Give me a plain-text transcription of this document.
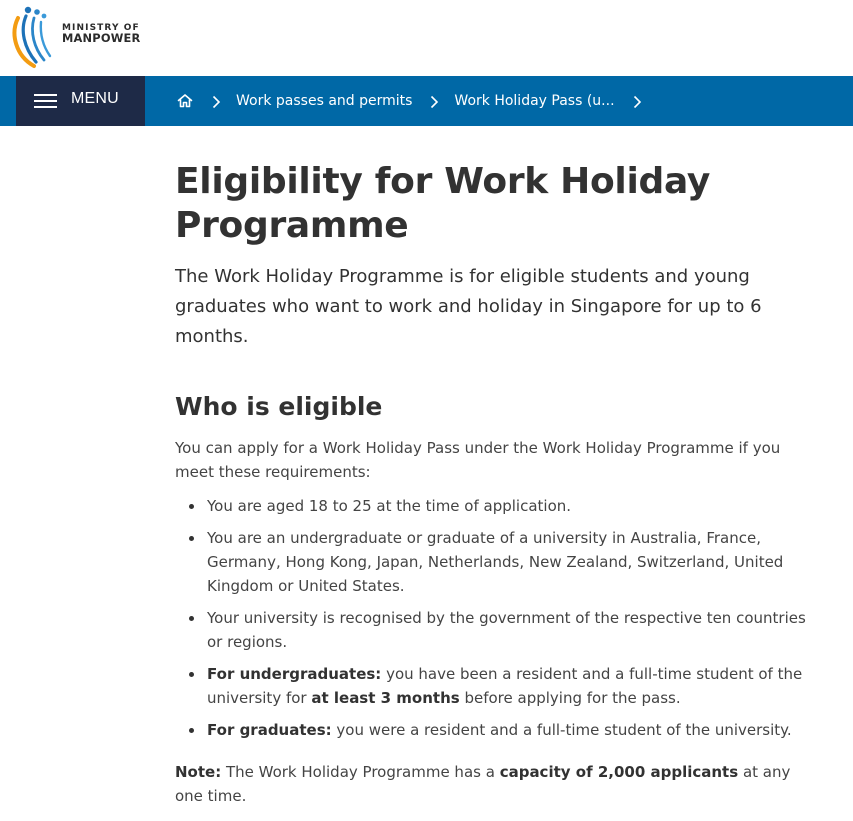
MINISTRY OF
MANPOWER
MENU	Work passes and permits	Work Holiday Pass (u...
Eligibility for Work Holiday Programme

The Work Holiday Programme is for eligible students and young graduates who want to work and holiday in Singapore for up to 6 months.

Who is eligible

You can apply for a Work Holiday Pass under the Work Holiday Programme if you meet these requirements:

You are aged 18 to 25 at the time of application.
You are an undergraduate or graduate of a university in Australia, France, Germany, Hong Kong, Japan, Netherlands, New Zealand, Switzerland, United Kingdom or United States.
Your university is recognised by the government of the respective ten countries or regions.
For undergraduates: you have been a resident and a full-time student of the university for at least 3 months before applying for the pass.
For graduates: you were a resident and a full-time student of the university.

Note: The Work Holiday Programme has a capacity of 2,000 applicants at any one time.
